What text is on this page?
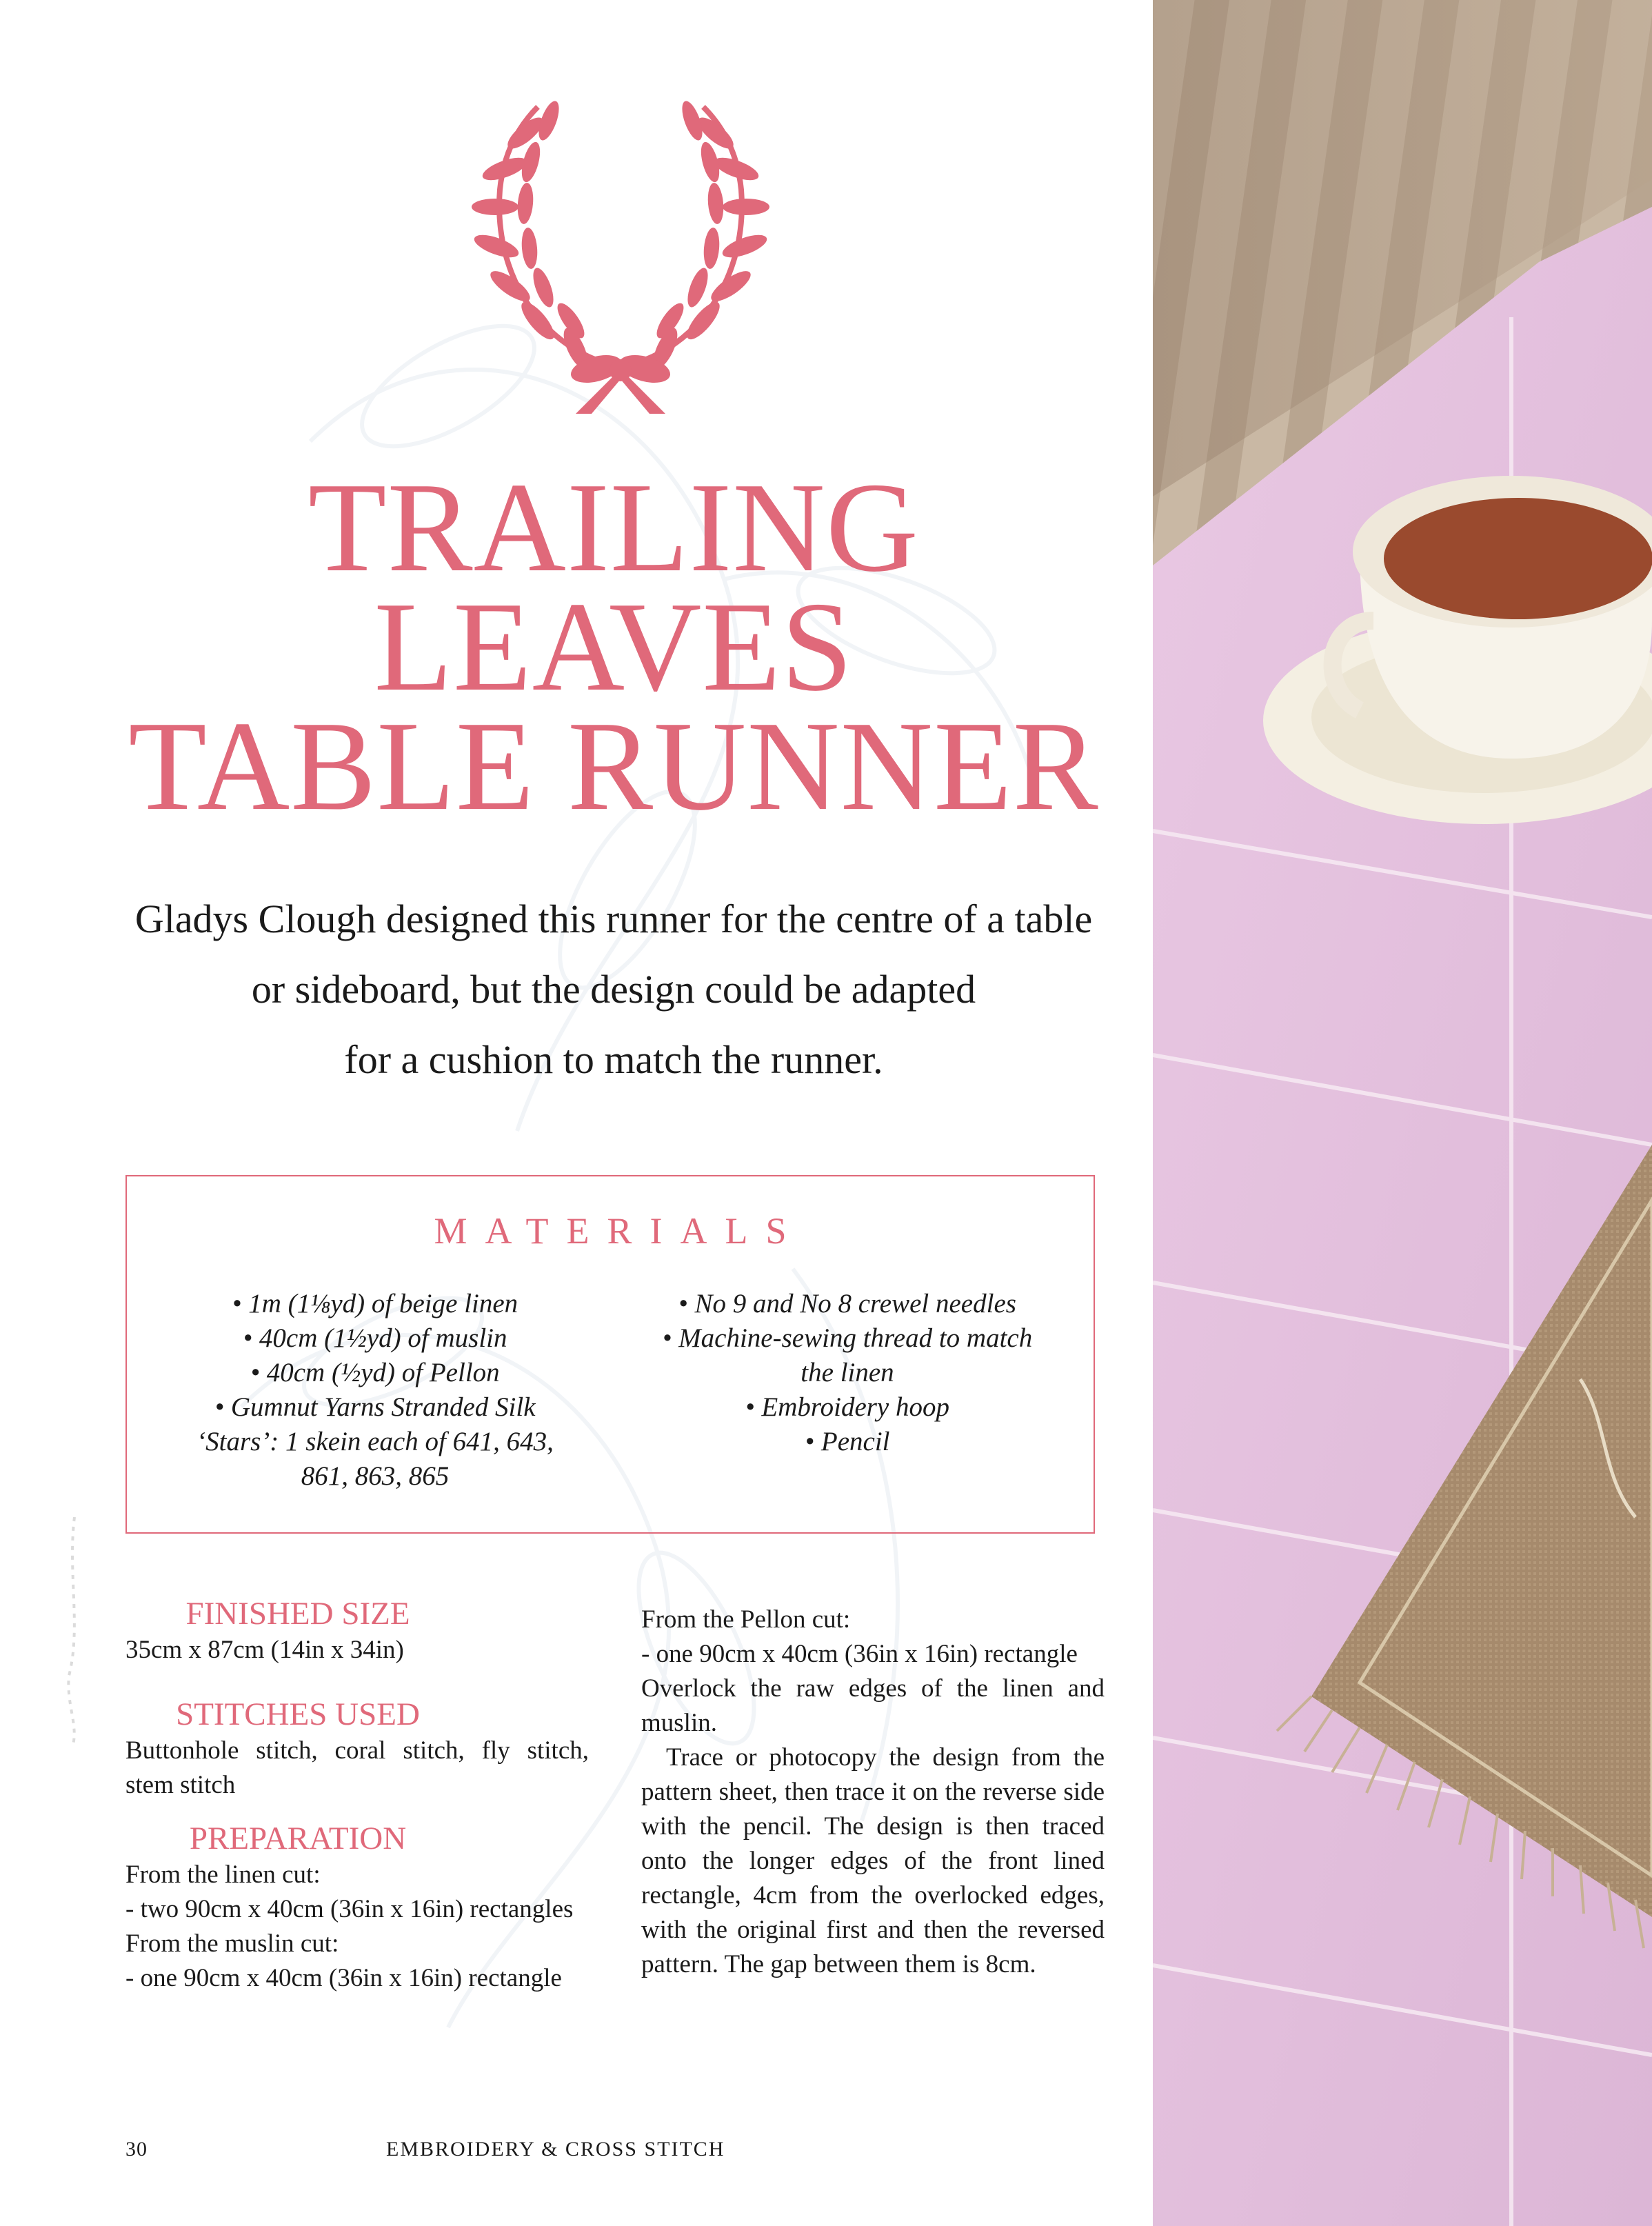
TRAILING
LEAVES
TABLE RUNNER
Gladys Clough designed this runner for the centre of a table
or sideboard, but the design could be adapted
for a cushion to match the runner.
MATERIALS
• 1m (1⅛yd) of beige linen
• 40cm (1½yd) of muslin
• 40cm (½yd) of Pellon
• Gumnut Yarns Stranded Silk
‘Stars’: 1 skein each of 641, 643,
861, 863, 865
• No 9 and No 8 crewel needles
• Machine-sewing thread to match
the linen
• Embroidery hoop
• Pencil
FINISHED SIZE

35cm x 87cm (14in x 34in)

STITCHES USED

Buttonhole stitch, coral stitch, fly stitch, stem stitch

PREPARATION

From the linen cut:

- two 90cm x 40cm (36in x 16in) rectangles

From the muslin cut:

- one 90cm x 40cm (36in x 16in) rectangle

From the Pellon cut:

- one 90cm x 40cm (36in x 16in) rectangle

Overlock the raw edges of the linen and muslin.

Trace or photocopy the design from the pattern sheet, then trace it on the reverse side with the pencil. The design is then traced onto the longer edges of the front lined rectangle, 4cm from the overlocked edges, with the original first and then the reversed pattern. The gap between them is 8cm.

30	EMBROIDERY & CROSS STITCH
